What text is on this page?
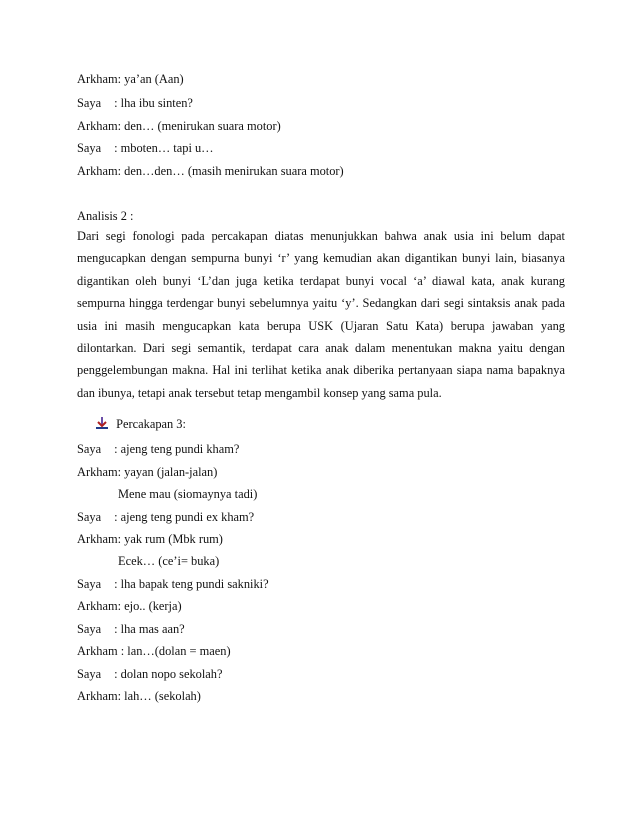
Arkham: ya’an (Aan)
Saya : lha ibu sinten?
Arkham: den… (menirukan suara motor)
Saya : mboten… tapi u…
Arkham: den…den… (masih menirukan suara motor)
Analisis 2 :
Dari segi fonologi pada percakapan diatas menunjukkan bahwa anak usia ini belum dapat mengucapkan dengan sempurna bunyi ‘r’ yang kemudian akan digantikan bunyi lain, biasanya digantikan oleh bunyi ‘L’dan juga ketika terdapat bunyi vocal ‘a’ diawal kata, anak kurang sempurna hingga terdengar bunyi sebelumnya yaitu ‘y’. Sedangkan dari segi sintaksis anak pada usia ini masih mengucapkan kata berupa USK (Ujaran Satu Kata) berupa jawaban yang dilontarkan. Dari segi semantik, terdapat cara anak dalam menentukan makna yaitu dengan penggelembungan makna. Hal ini terlihat ketika anak diberika pertanyaan siapa nama bapaknya dan ibunya, tetapi anak tersebut tetap mengambil konsep yang sama pula.
Percakapan 3:
Saya : ajeng teng pundi kham?
Arkham: yayan (jalan-jalan)
Mene mau (siomaynya tadi)
Saya : ajeng teng pundi ex kham?
Arkham: yak rum (Mbk rum)
Ecek… (ce’i= buka)
Saya : lha bapak teng pundi sakniki?
Arkham: ejo.. (kerja)
Saya : lha mas aan?
Arkham : lan…(dolan = maen)
Saya : dolan nopo sekolah?
Arkham: lah… (sekolah)
